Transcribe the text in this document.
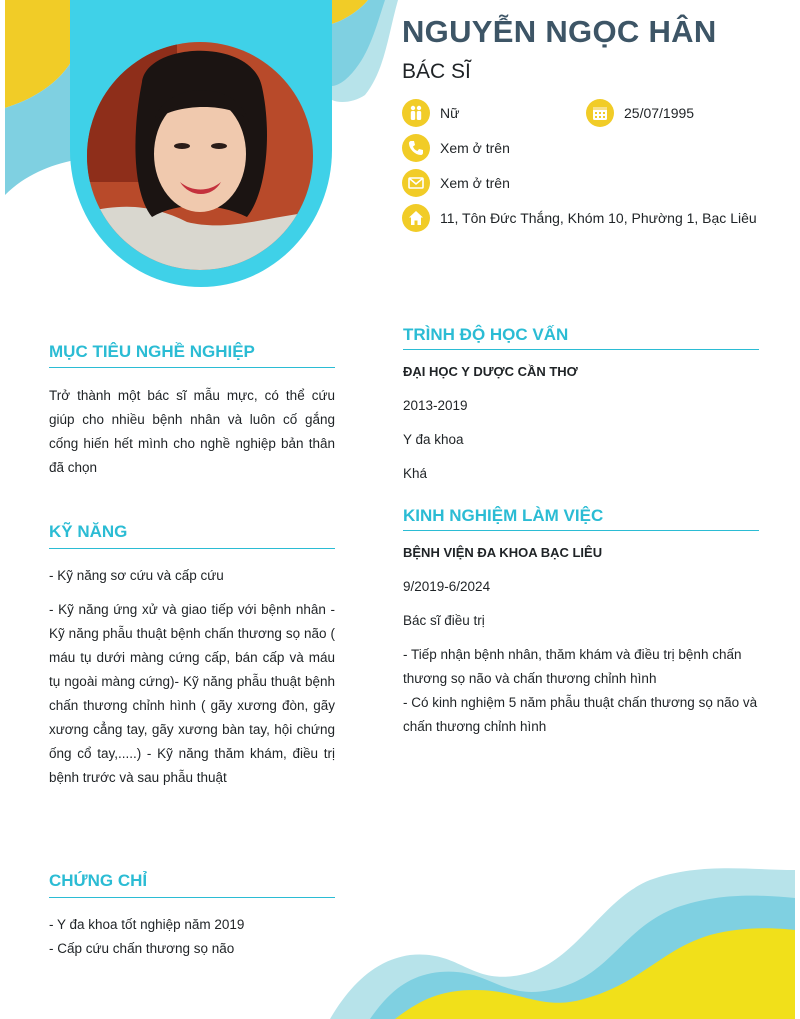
NGUYỄN NGỌC HÂN
BÁC SĨ
Nữ	25/07/1995
Xem ở trên
Xem ở trên
11, Tôn Đức Thắng, Khóm 10, Phường 1, Bạc Liêu
MỤC TIÊU NGHỀ NGHIỆP

Trở thành một bác sĩ mẫu mực, có thể cứu giúp cho nhiều bệnh nhân và luôn cố gắng cống hiến hết mình cho nghề nghiệp bản thân đã chọn

KỸ NĂNG

- Kỹ năng sơ cứu và cấp cứu

- Kỹ năng ứng xử và giao tiếp với bệnh nhân - Kỹ năng phẫu thuật bệnh chấn thương sọ não ( máu tụ dưới màng cứng cấp, bán cấp và máu tụ ngoài màng cứng)- Kỹ năng phẫu thuật bệnh chấn thương chỉnh hình ( gãy xương đòn, gãy xương cẳng tay, gãy xương bàn tay, hội chứng ống cổ tay,.....) - Kỹ năng thăm khám, điều trị bệnh trước và sau phẫu thuật

CHỨNG CHỈ
- Y đa khoa tốt nghiệp năm 2019
- Cấp cứu chấn thương sọ não
TRÌNH ĐỘ HỌC VẤN
ĐẠI HỌC Y DƯỢC CẦN THƠ
2013-2019
Y đa khoa
Khá
KINH NGHIỆM LÀM VIỆC
BỆNH VIỆN ĐA KHOA BẠC LIÊU
9/2019-6/2024
Bác sĩ điều trị
- Tiếp nhận bệnh nhân, thăm khám và điều trị bệnh chấn thương sọ não và chấn thương chỉnh hình
- Có kinh nghiệm 5 năm phẫu thuật chấn thương sọ não và chấn thương chỉnh hình
